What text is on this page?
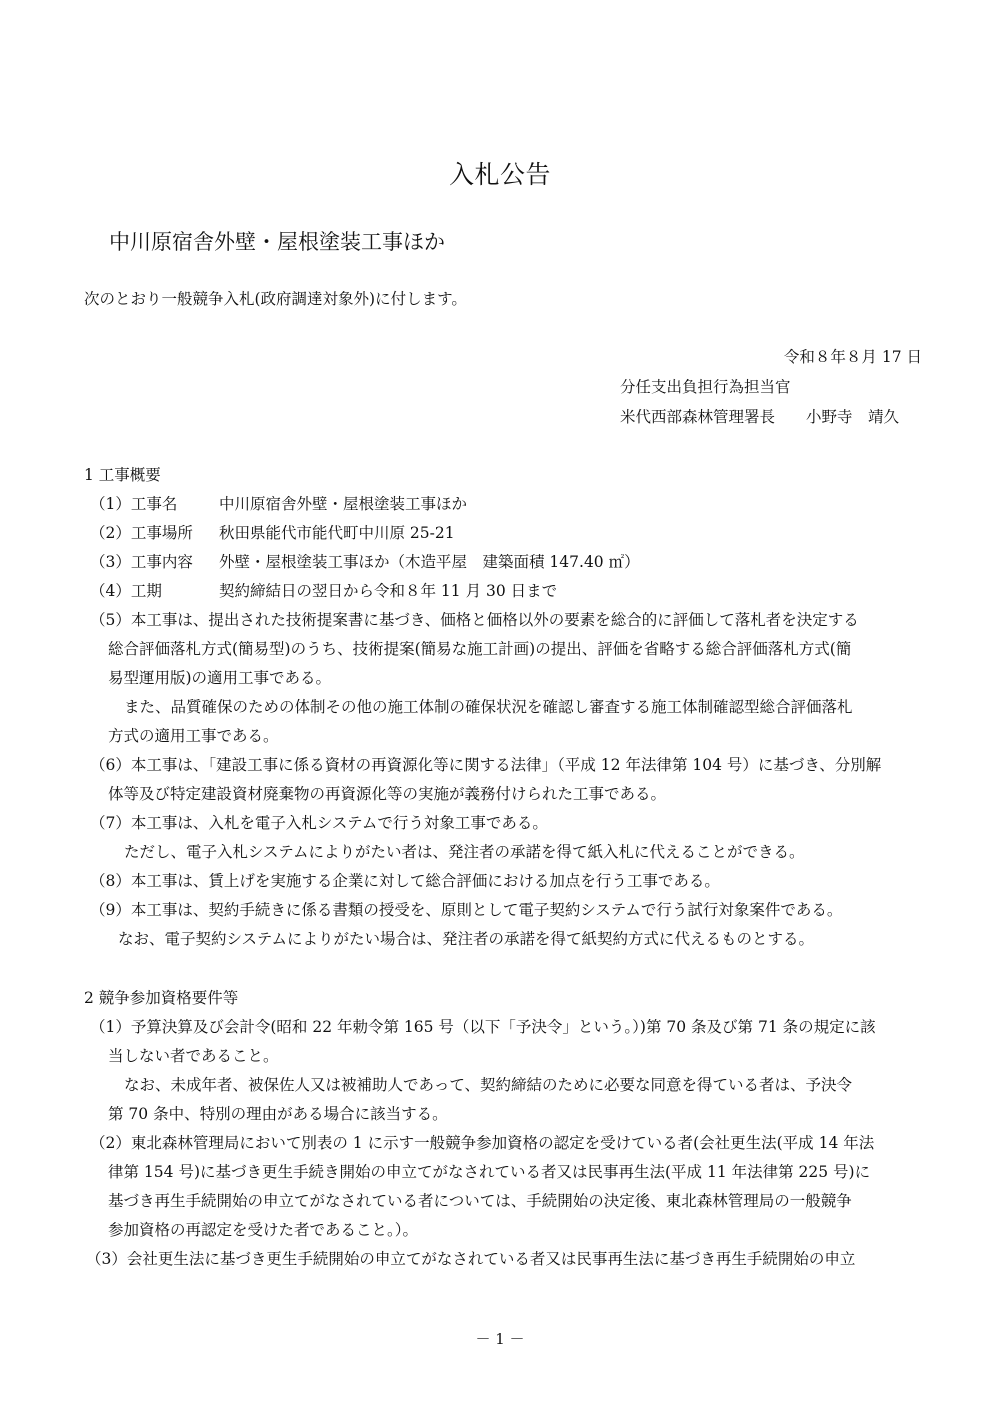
入札公告
中川原宿舎外壁・屋根塗装工事ほか
次のとおり一般競争入札(政府調達対象外)に付します。
令和８年８月 17 日
分任支出負担行為担当官
米代西部森林管理署長　　小野寺　靖久
1 工事概要
（1）工事名	中川原宿舎外壁・屋根塗装工事ほか
（2）工事場所 秋田県能代市能代町中川原 25-21
（3）工事内容 外壁・屋根塗装工事ほか（木造平屋　建築面積 147.40 ㎡）
（4）工期	契約締結日の翌日から令和８年 11 月 30 日まで
（5）本工事は、提出された技術提案書に基づき、価格と価格以外の要素を総合的に評価して落札者を決定する
総合評価落札方式(簡易型)のうち、技術提案(簡易な施工計画)の提出、評価を省略する総合評価落札方式(簡
易型運用版)の適用工事である。
また、品質確保のための体制その他の施工体制の確保状況を確認し審査する施工体制確認型総合評価落札
方式の適用工事である。
（6）本工事は、「建設工事に係る資材の再資源化等に関する法律」（平成 12 年法律第 104 号）に基づき、分別解
体等及び特定建設資材廃棄物の再資源化等の実施が義務付けられた工事である。
（7）本工事は、入札を電子入札システムで行う対象工事である。
ただし、電子入札システムによりがたい者は、発注者の承諾を得て紙入札に代えることができる。
（8）本工事は、賃上げを実施する企業に対して総合評価における加点を行う工事である。
（9）本工事は、契約手続きに係る書類の授受を、原則として電子契約システムで行う試行対象案件である。
なお、電子契約システムによりがたい場合は、発注者の承諾を得て紙契約方式に代えるものとする。
2 競争参加資格要件等
（1）予算決算及び会計令(昭和 22 年勅令第 165 号（以下「予決令」という。）)第 70 条及び第 71 条の規定に該
当しない者であること。
なお、未成年者、被保佐人又は被補助人であって、契約締結のために必要な同意を得ている者は、予決令
第 70 条中、特別の理由がある場合に該当する。
（2）東北森林管理局において別表の 1 に示す一般競争参加資格の認定を受けている者(会社更生法(平成 14 年法
律第 154 号)に基づき更生手続き開始の申立てがなされている者又は民事再生法(平成 11 年法律第 225 号)に
基づき再生手続開始の申立てがなされている者については、手続開始の決定後、東北森林管理局の一般競争
参加資格の再認定を受けた者であること。）。
（3）会社更生法に基づき更生手続開始の申立てがなされている者又は民事再生法に基づき再生手続開始の申立
－ 1 －
